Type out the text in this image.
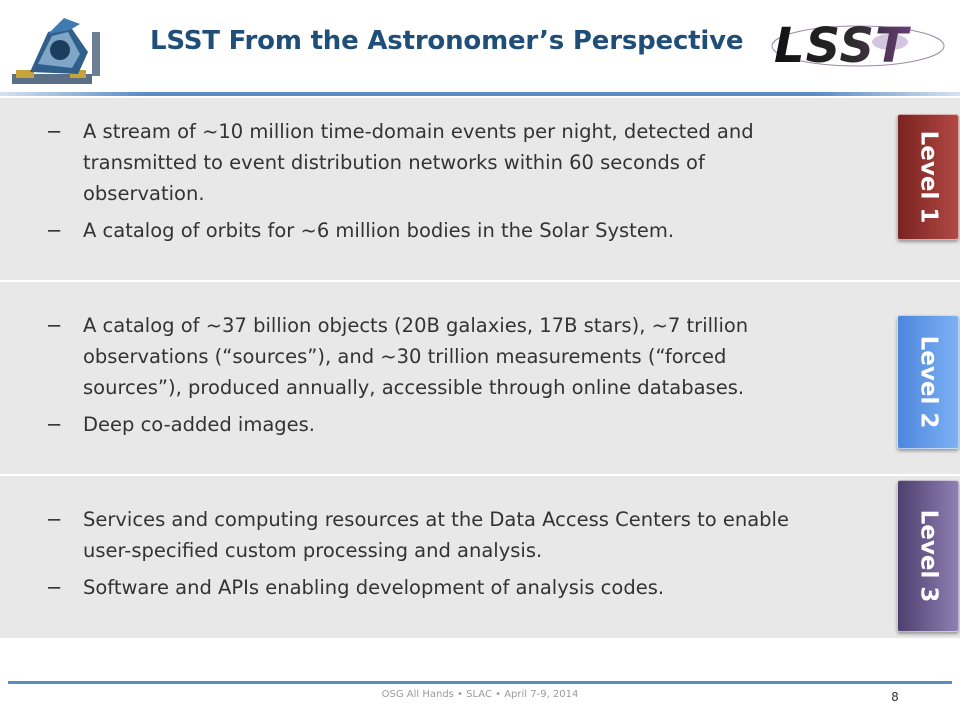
LSST From the Astronomer’s Perspective LSST
− A stream of ~10 million time-domain events per night, detected and transmitted to event distribution networks within 60 seconds of observation.
− A catalog of orbits for ~6 million bodies in the Solar System.
− A catalog of ~37 billion objects (20B galaxies, 17B stars), ~7 trillion observations (“sources”), and ~30 trillion measurements (“forced sources”), produced annually, accessible through online databases.
− Deep co-added images.
− Services and computing resources at the Data Access Centers to enable user-specified custom processing and analysis.
− Software and APIs enabling development of analysis codes.
Level 1
Level 2
Level 3
OSG All Hands • SLAC • April 7-9, 2014	8
